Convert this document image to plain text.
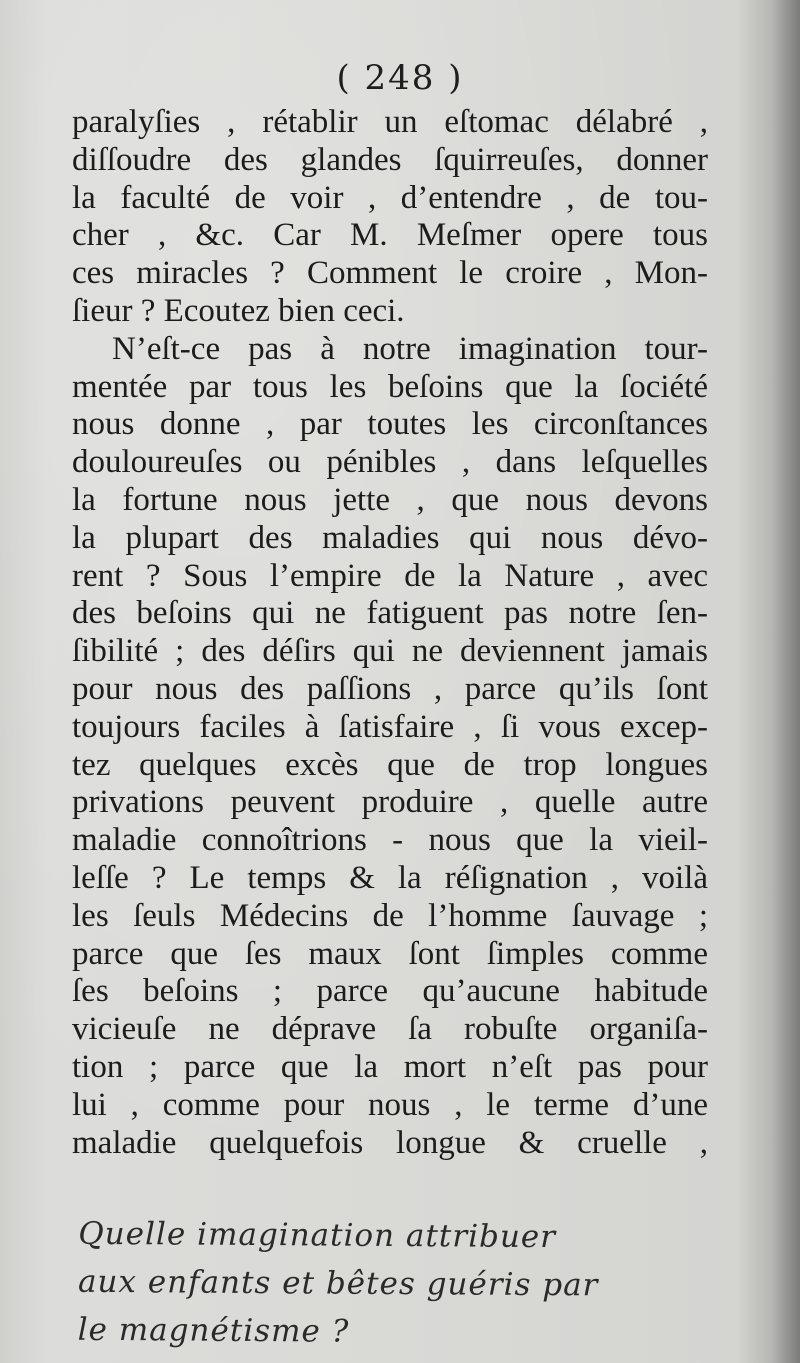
( 248 )
paralyſies , rétablir un eſtomac délabré ,
diſſoudre des glandes ſquirreuſes, donner
la faculté de voir , d’entendre , de tou-
cher , &c. Car M. Meſmer opere tous
ces miracles ? Comment le croire , Mon-
ſieur ? Ecoutez bien ceci.
N’eſt-ce pas à notre imagination tour-
mentée par tous les beſoins que la ſociété
nous donne , par toutes les circonſtances
douloureuſes ou pénibles , dans leſquelles
la fortune nous jette , que nous devons
la plupart des maladies qui nous dévo-
rent ? Sous l’empire de la Nature , avec
des beſoins qui ne fatiguent pas notre ſen-
ſibilité ; des déſirs qui ne deviennent jamais
pour nous des paſſions , parce qu’ils ſont
toujours faciles à ſatisfaire , ſi vous excep-
tez quelques excès que de trop longues
privations peuvent produire , quelle autre
maladie connoîtrions - nous que la vieil-
leſſe ? Le temps & la réſignation , voilà
les ſeuls Médecins de l’homme ſauvage ;
parce que ſes maux ſont ſimples comme
ſes beſoins ; parce qu’aucune habitude
vicieuſe ne déprave ſa robuſte organiſa-
tion ; parce que la mort n’eſt pas pour
lui , comme pour nous , le terme d’une
maladie quelquefois longue & cruelle ,
Quelle imagination attribuer
aux enfants et bêtes guéris par
le magnétisme ?
